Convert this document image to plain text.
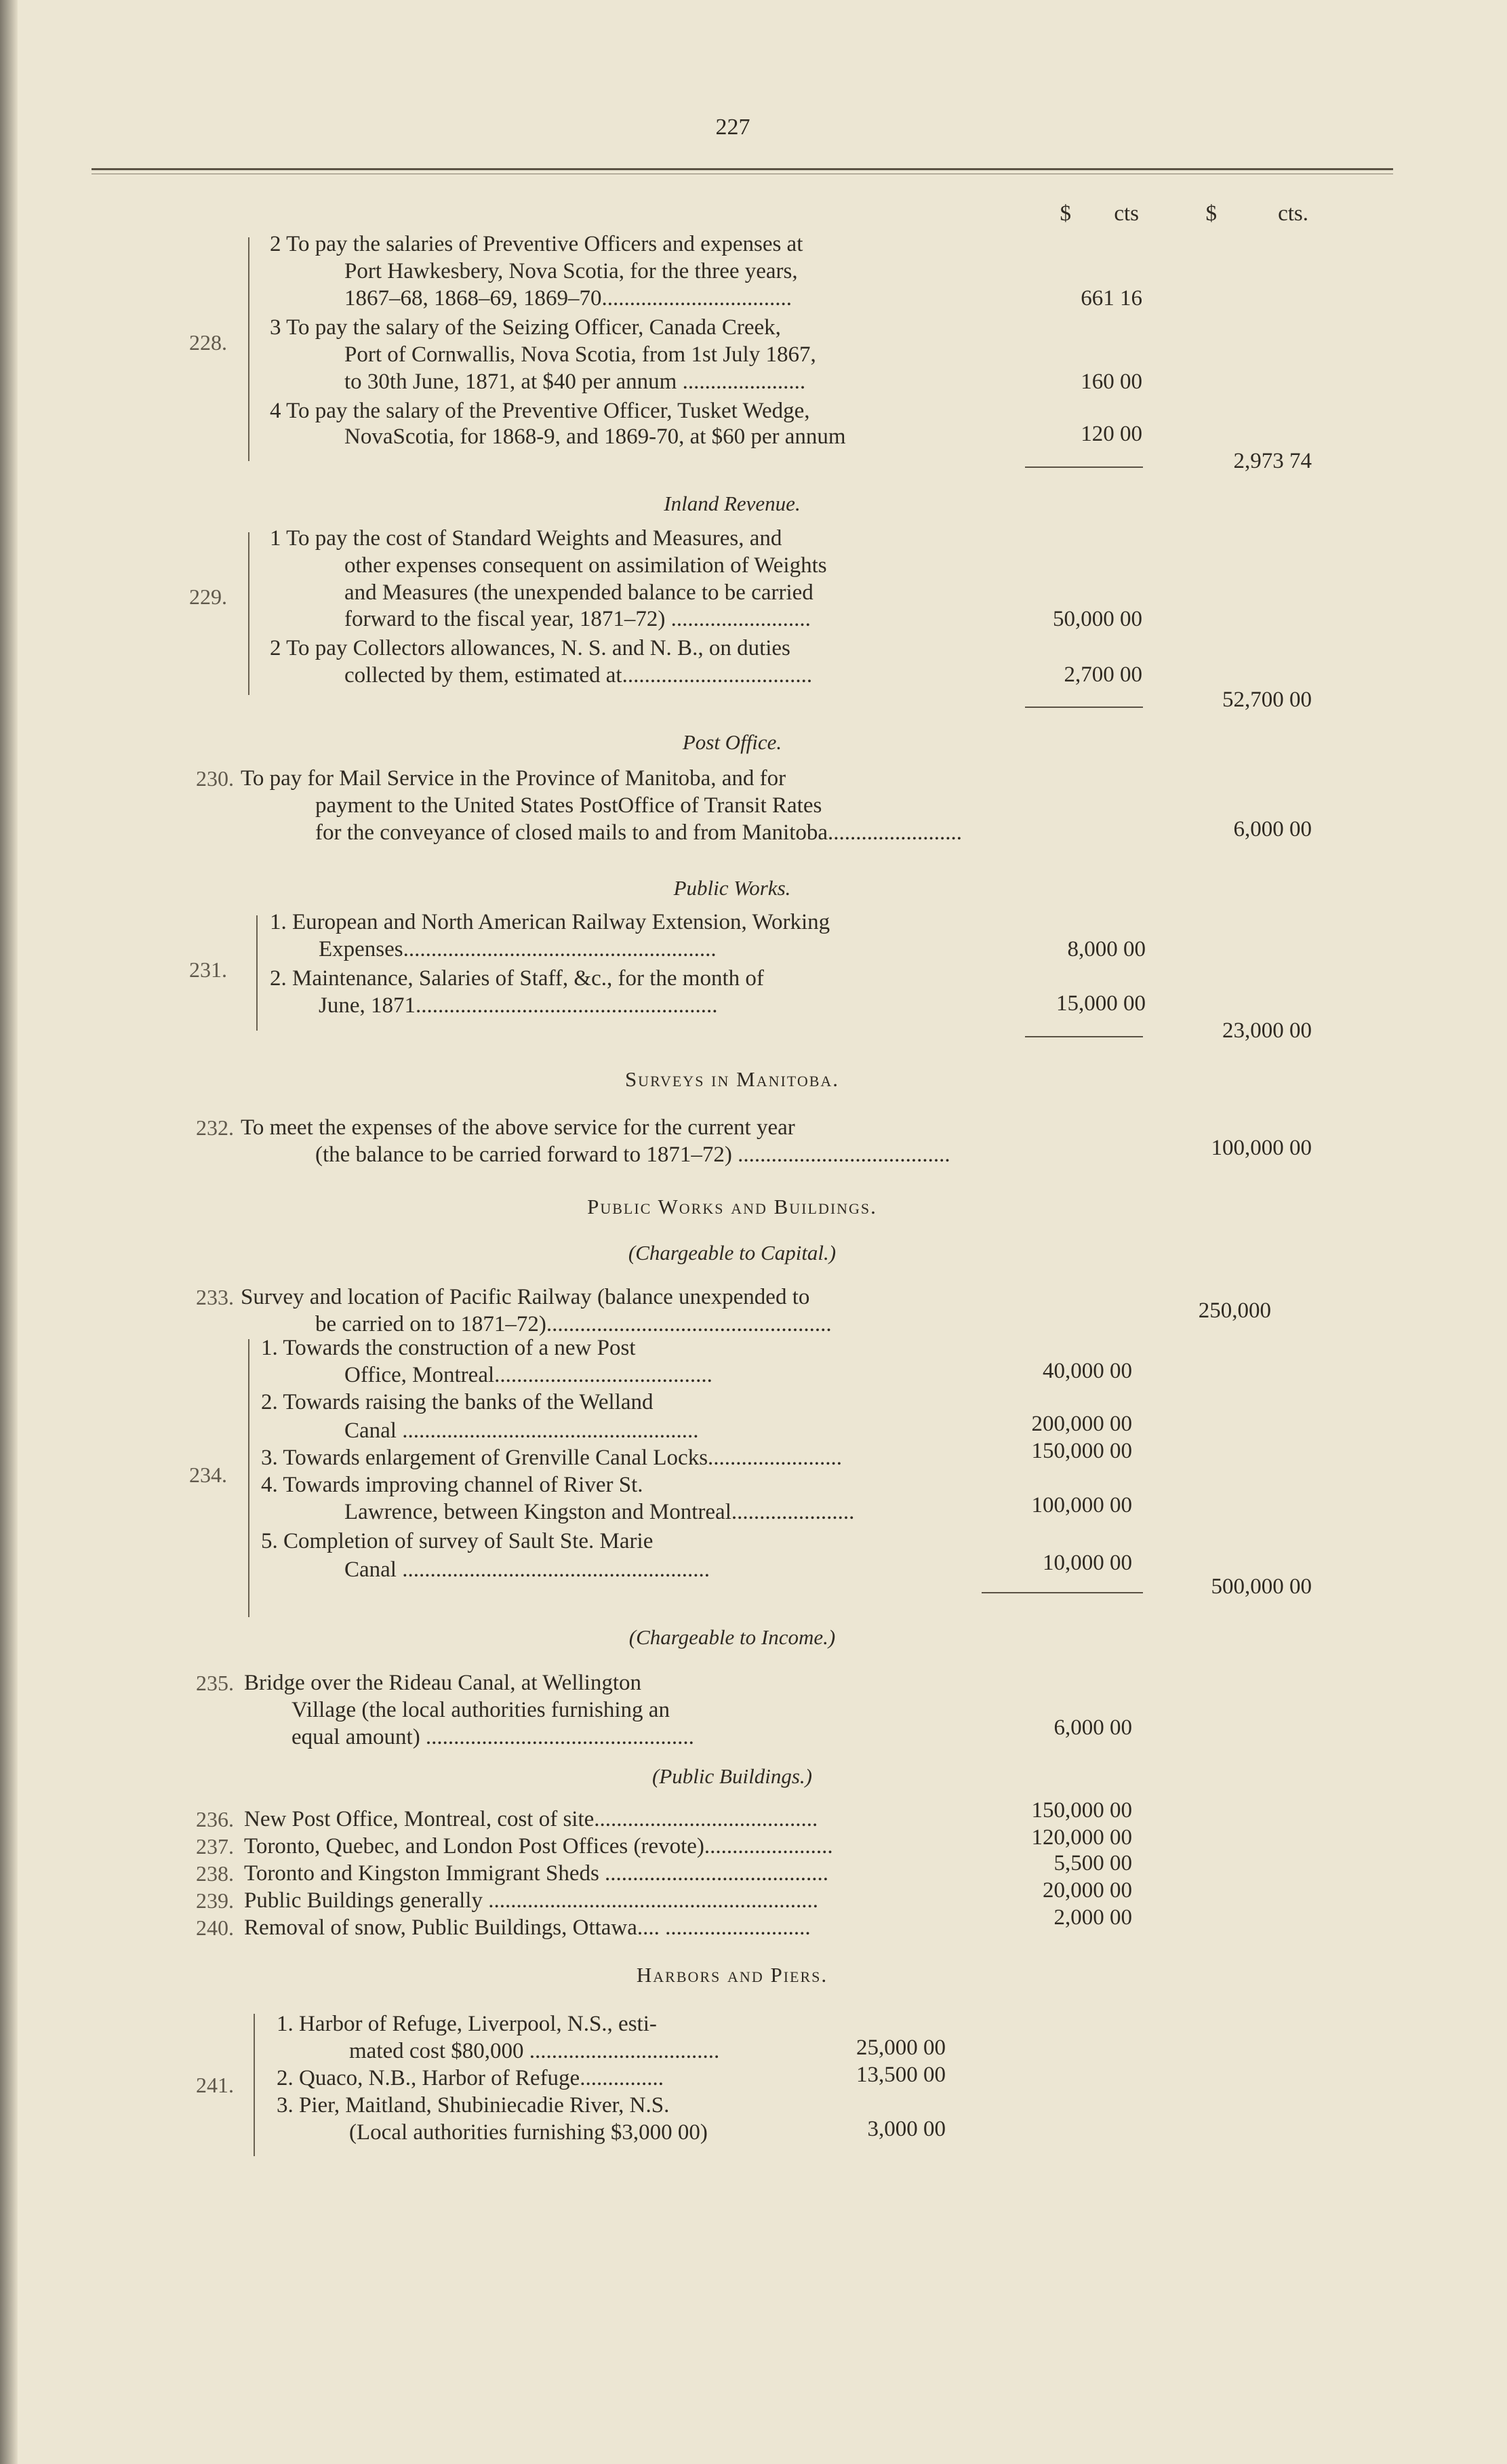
227
$	cts	$	cts.
228.
2 To pay the salaries of Preventive Officers and expenses at
Port Hawkesbery, Nova Scotia, for the three years,
1867–68, 1868–69, 1869–70..................................	661 16
3 To pay the salary of the Seizing Officer, Canada Creek,
Port of Cornwallis, Nova Scotia, from 1st July 1867,
to 30th June, 1871, at $40 per annum ......................	160 00
4 To pay the salary of the Preventive Officer, Tusket Wedge,
NovaScotia, for 1868-9, and 1869-70, at $60 per annum	120 00
2,973 74
Inland Revenue.
229.
1 To pay the cost of Standard Weights and Measures, and
other expenses consequent on assimilation of Weights
and Measures (the unexpended balance to be carried
forward to the fiscal year, 1871–72) .........................	50,000 00
2 To pay Collectors allowances, N. S. and N. B., on duties
collected by them, estimated at..................................	2,700 00
52,700 00
Post Office.
230. To pay for Mail Service in the Province of Manitoba, and for
payment to the United States PostOffice of Transit Rates
for the conveyance of closed mails to and from Manitoba........................	6,000 00
Public Works.
231.
1. European and North American Railway Extension, Working
Expenses........................................................	8,000 00
2. Maintenance, Salaries of Staff, &c., for the month of
June, 1871......................................................	15,000 00
23,000 00
Surveys in Manitoba.
232. To meet the expenses of the above service for the current year
(the balance to be carried forward to 1871–72) ......................................	100,000 00
Public Works and Buildings.
(Chargeable to Capital.)
233. Survey and location of Pacific Railway (balance unexpended to
be carried on to 1871–72)...................................................
250,000
234.
1. Towards the construction of a new Post
Office, Montreal.......................................	40,000 00
2. Towards raising the banks of the Welland
Canal .....................................................	200,000 00
3. Towards enlargement of Grenville Canal Locks........................	150,000 00
4. Towards improving channel of River St.
Lawrence, between Kingston and Montreal......................	100,000 00
5. Completion of survey of Sault Ste. Marie
Canal .......................................................	10,000 00
500,000 00
(Chargeable to Income.)
235. Bridge over the Rideau Canal, at Wellington
Village (the local authorities furnishing an
equal amount) ................................................	6,000 00
(Public Buildings.)
236. New Post Office, Montreal, cost of site........................................	150,000 00
237. Toronto, Quebec, and London Post Offices (revote).......................	120,000 00
238. Toronto and Kingston Immigrant Sheds ........................................	5,500 00
239. Public Buildings generally ...........................................................	20,000 00
240. Removal of snow, Public Buildings, Ottawa.... ..........................	2,000 00
Harbors and Piers.
241.
1. Harbor of Refuge, Liverpool, N.S., esti-
mated cost $80,000 ..................................	25,000 00
2. Quaco, N.B., Harbor of Refuge...............	13,500 00
3. Pier, Maitland, Shubiniecadie River, N.S.
(Local authorities furnishing $3,000 00)	3,000 00
